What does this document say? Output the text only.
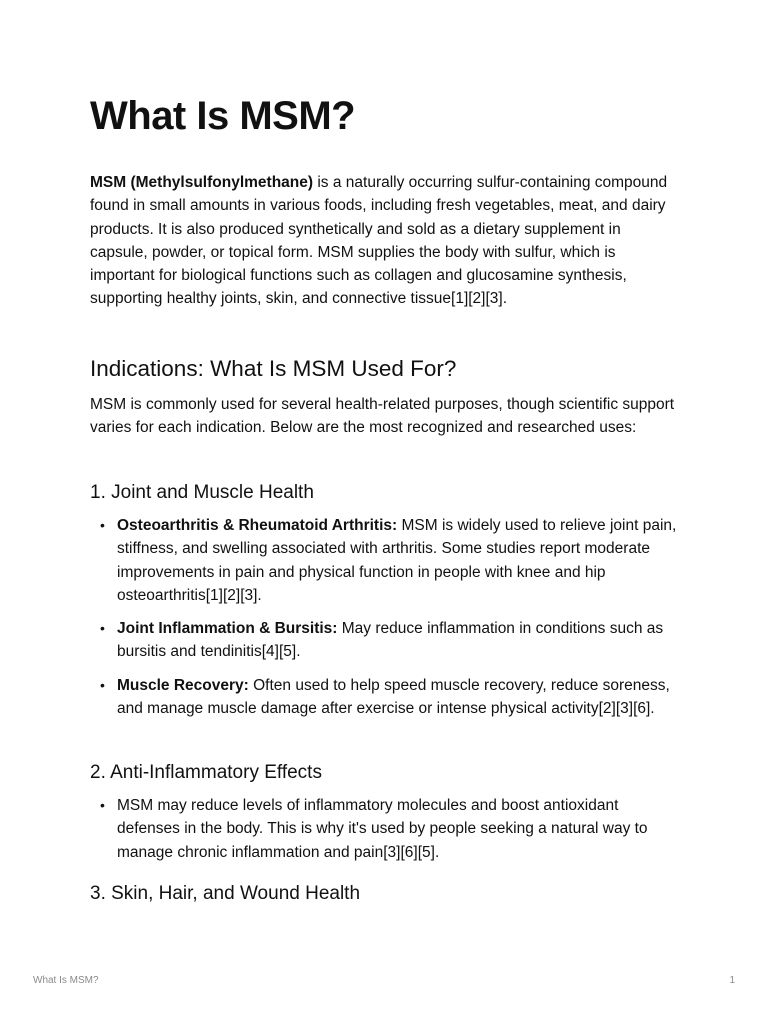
What Is MSM?

MSM (Methylsulfonylmethane) is a naturally occurring sulfur-containing compound found in small amounts in various foods, including fresh vegetables, meat, and dairy products. It is also produced synthetically and sold as a dietary supplement in capsule, powder, or topical form. MSM supplies the body with sulfur, which is important for biological functions such as collagen and glucosamine synthesis, supporting healthy joints, skin, and connective tissue[1][2][3].

Indications: What Is MSM Used For?

MSM is commonly used for several health-related purposes, though scientific support varies for each indication. Below are the most recognized and researched uses:

1. Joint and Muscle Health
• Osteoarthritis & Rheumatoid Arthritis: MSM is widely used to relieve joint pain, stiffness, and swelling associated with arthritis. Some studies report moderate improvements in pain and physical function in people with knee and hip osteoarthritis[1][2][3].
• Joint Inflammation & Bursitis: May reduce inflammation in conditions such as bursitis and tendinitis[4][5].
• Muscle Recovery: Often used to help speed muscle recovery, reduce soreness, and manage muscle damage after exercise or intense physical activity[2][3][6].
2. Anti-Inflammatory Effects
• MSM may reduce levels of inflammatory molecules and boost antioxidant defenses in the body. This is why it's used by people seeking a natural way to manage chronic inflammation and pain[3][6][5].
3. Skin, Hair, and Wound Health
What Is MSM?	1
